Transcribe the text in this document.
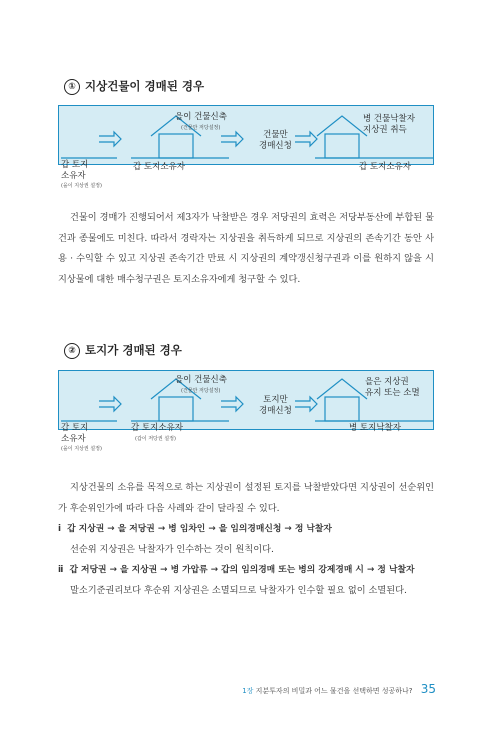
① 지상건물이 경매된 경우
갑 토지
소유자
(을이 지상권 설정)
갑 토지소유자
을이 건물신축
(건물만 저당설정)
건물만
경매신청
병 건물낙찰자
지상권 취득
갑 토지소유자

건물이 경매가 진행되어서 제3자가 낙찰받은 경우 저당권의 효력은 저당부동산에 부합된 물건과 종물에도 미친다. 따라서 경락자는 지상권을 취득하게 되므로 지상권의 존속기간 동안 사용 · 수익할 수 있고 지상권 존속기간 만료 시 지상권의 계약갱신청구권과 이를 원하지 않을 시 지상물에 대한 매수청구권은 토지소유자에게 청구할 수 있다.

② 토지가 경매된 경우
갑 토지
소유자
(을이 지상권 설정)
갑 토지소유자
(갑이 저당권 설정)
을이 건물신축
(건물만 저당설정)
토지만
경매신청
을은 지상권
유지 또는 소멸
병 토지낙찰자

지상건물의 소유를 목적으로 하는 지상권이 설정된 토지를 낙찰받았다면 지상권이 선순위인가 후순위인가에 따라 다음 사례와 같이 달라질 수 있다.

ⅰ 갑 지상권 → 을 저당권 → 병 임차인 → 을 임의경매신청 → 정 낙찰자

선순위 지상권은 낙찰자가 인수하는 것이 원칙이다.

ⅱ 갑 저당권 → 을 지상권 → 병 가압류 → 갑의 임의경매 또는 병의 강제경매 시 → 정 낙찰자

말소기준권리보다 후순위 지상권은 소멸되므로 낙찰자가 인수할 필요 없이 소멸된다.

1장 지분투자의 비밀과 어느 물건을 선택하면 성공하나? 35
